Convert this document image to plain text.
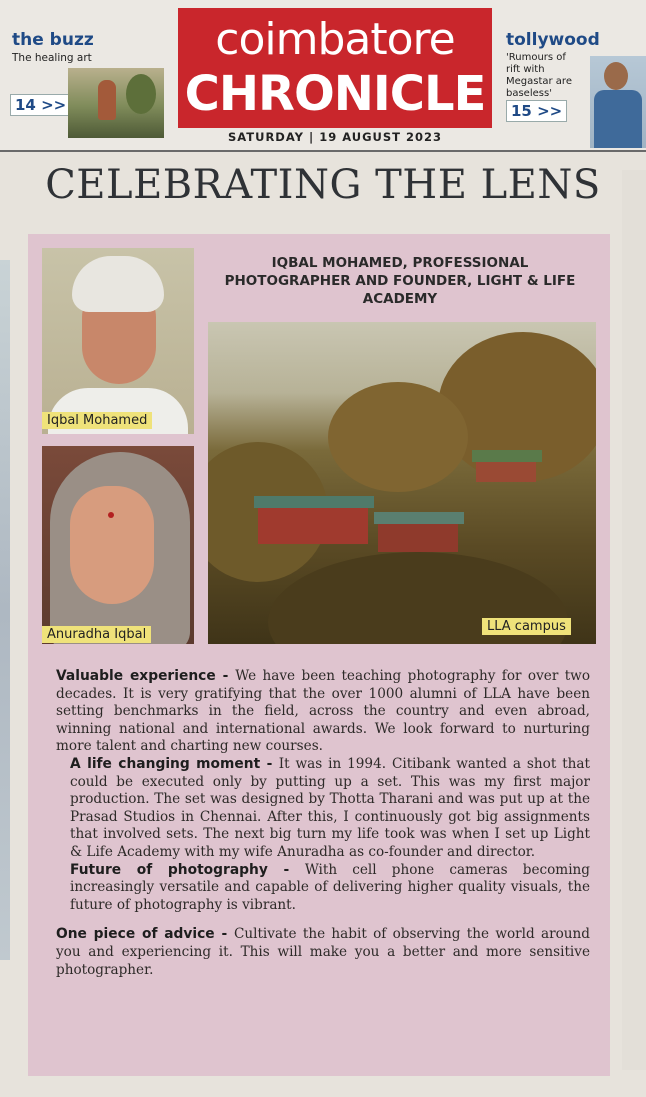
the buzz
The healing art
14 >>
coimbatore
CHRONICLE
SATURDAY | 19 AUGUST 2023
tollywood
'Rumours of rift with Megastar are baseless'
15 >>
CELEBRATING THE LENS
Iqbal Mohamed
Anuradha Iqbal
IQBAL MOHAMED, PROFESSIONAL PHOTOGRAPHER AND FOUNDER, LIGHT & LIFE ACADEMY
LLA campus

Valuable experience - We have been teaching photography for over two decades. It is very gratifying that the over 1000 alumni of LLA have been setting benchmarks in the field, across the country and even abroad, winning national and international awards. We look forward to nurturing more talent and charting new courses.

A life changing moment - It was in 1994. Citibank wanted a shot that could be executed only by putting up a set. This was my first major production. The set was designed by Thotta Tharani and was put up at the Prasad Studios in Chennai. After this, I continuously got big assignments that involved sets. The next big turn my life took was when I set up Light & Life Academy with my wife Anuradha as co-founder and director.

Future of photography - With cell phone cameras becoming increasingly versatile and capable of delivering higher quality visuals, the future of photography is vibrant.

One piece of advice - Cultivate the habit of observing the world around you and experiencing it. This will make you a better and more sensitive photographer.
